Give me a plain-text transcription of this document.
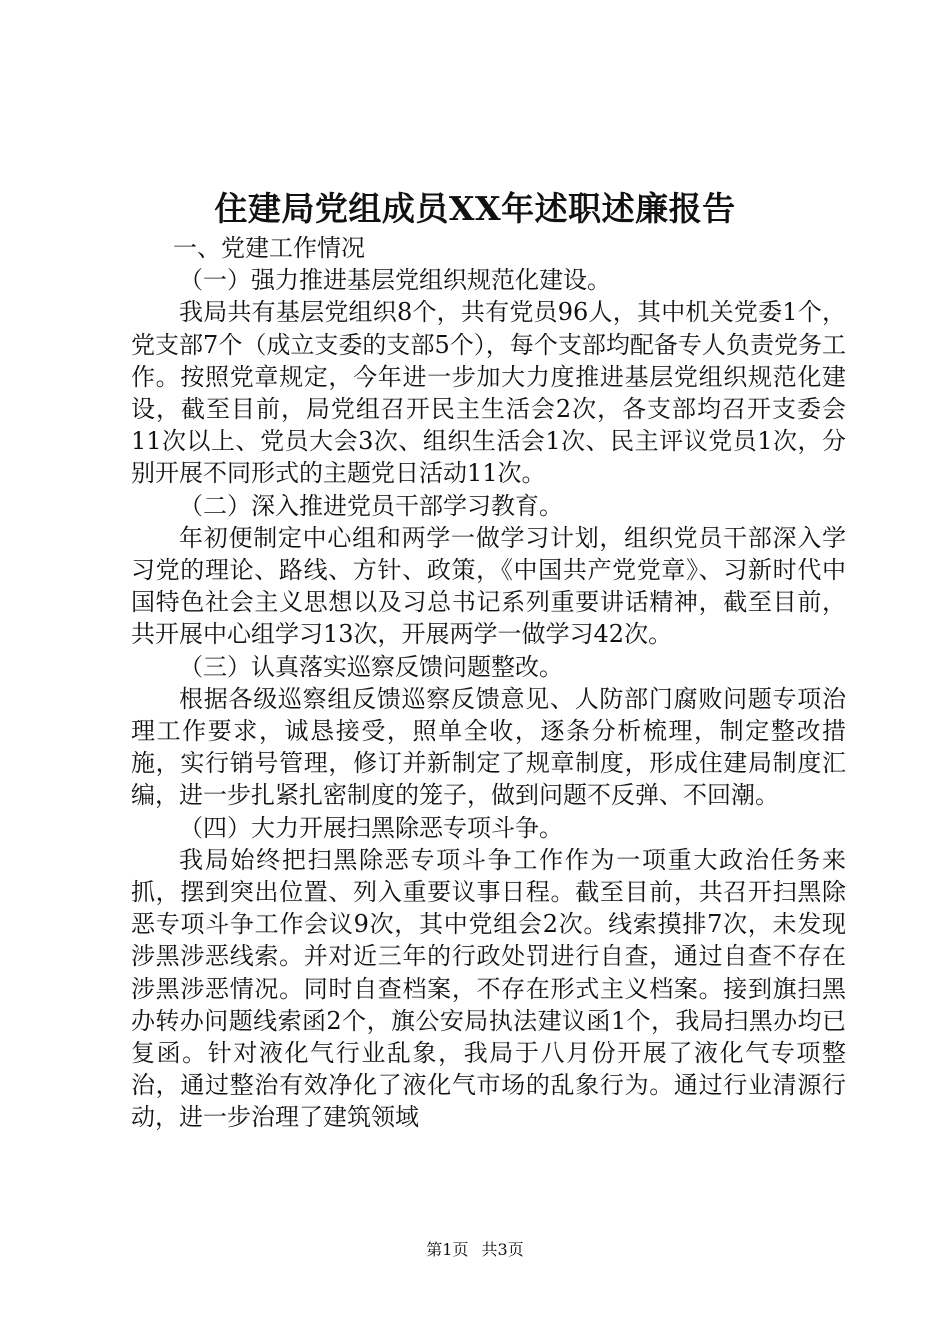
住建局党组成员XX年述职述廉报告

一、党建工作情况

（一）强力推进基层党组织规范化建设。

我局共有基层党组织8个，共有党员96人，其中机关党委1个，党支部7个（成立支委的支部5个），每个支部均配备专人负责党务工作。按照党章规定，今年进一步加大力度推进基层党组织规范化建设，截至目前，局党组召开民主生活会2次，各支部均召开支委会11次以上、党员大会3次、组织生活会1次、民主评议党员1次，分别开展不同形式的主题党日活动11次。

（二）深入推进党员干部学习教育。

年初便制定中心组和两学一做学习计划，组织党员干部深入学习党的理论、路线、方针、政策，《中国共产党党章》、习新时代中国特色社会主义思想以及习总书记系列重要讲话精神，截至目前，共开展中心组学习13次，开展两学一做学习42次。

（三）认真落实巡察反馈问题整改。

根据各级巡察组反馈巡察反馈意见、人防部门腐败问题专项治理工作要求，诚恳接受，照单全收，逐条分析梳理，制定整改措施，实行销号管理，修订并新制定了规章制度，形成住建局制度汇编，进一步扎紧扎密制度的笼子，做到问题不反弹、不回潮。

（四）大力开展扫黑除恶专项斗争。

我局始终把扫黑除恶专项斗争工作作为一项重大政治任务来抓，摆到突出位置、列入重要议事日程。截至目前，共召开扫黑除恶专项斗争工作会议9次，其中党组会2次。线索摸排7次，未发现涉黑涉恶线索。并对近三年的行政处罚进行自查，通过自查不存在涉黑涉恶情况。同时自查档案，不存在形式主义档案。接到旗扫黑办转办问题线索函2个，旗公安局执法建议函1个，我局扫黑办均已复函。针对液化气行业乱象，我局于八月份开展了液化气专项整治，通过整治有效净化了液化气市场的乱象行为。通过行业清源行动，进一步治理了建筑领域

第1页 共3页
